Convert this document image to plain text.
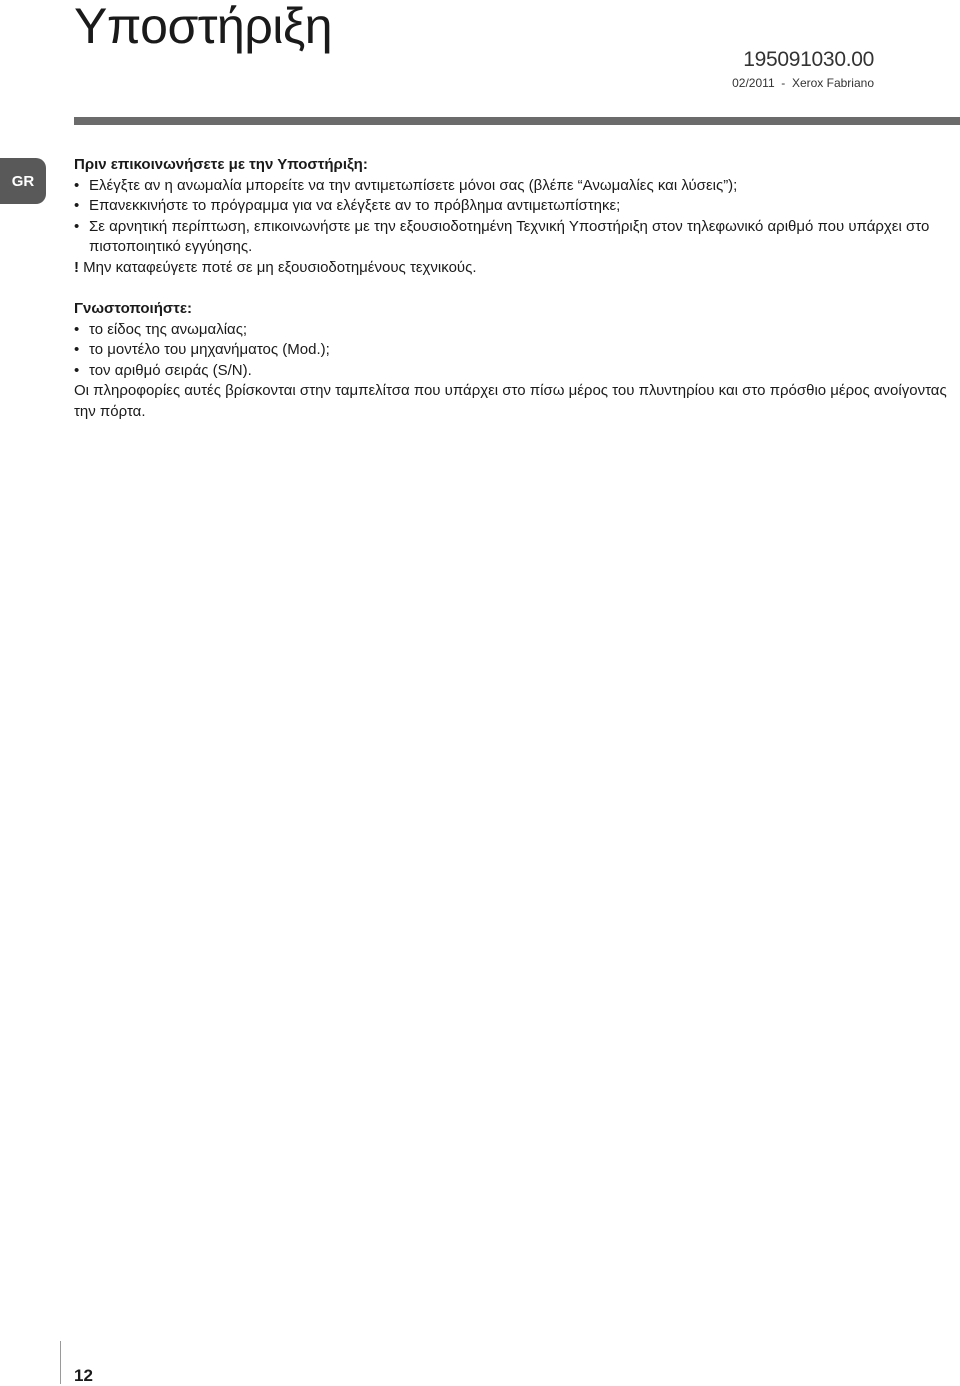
Υποστήριξη
195091030.00
02/2011  -  Xerox Fabriano
GR

Πριν επικοινωνήσετε με την Υποστήριξη:

• Ελέγξτε αν η ανωμαλία μπορείτε να την αντιμετωπίσετε μόνοι σας (βλέπε “Ανωμαλίες και λύσεις”);
• Επανεκκινήστε το πρόγραμμα για να ελέγξετε αν το πρόβλημα αντιμετωπίστηκε;
• Σε αρνητική περίπτωση, επικοινωνήστε με την εξουσιοδοτημένη Τεχνική Υποστήριξη στον τηλεφωνικό αριθμό που υπάρχει στο πιστοποιητικό εγγύησης.

! Μην καταφεύγετε ποτέ σε μη εξουσιοδοτημένους τεχνικούς.

Γνωστοποιήστε:

• το είδος της ανωμαλίας;
• το μοντέλο του μηχανήματος (Mod.);
• τον αριθμό σειράς (S/N).

Οι πληροφορίες αυτές βρίσκονται στην ταμπελίτσα που υπάρχει στο πίσω μέρος του πλυντηρίου και στο πρόσθιο μέρος ανοίγοντας την πόρτα.

12
